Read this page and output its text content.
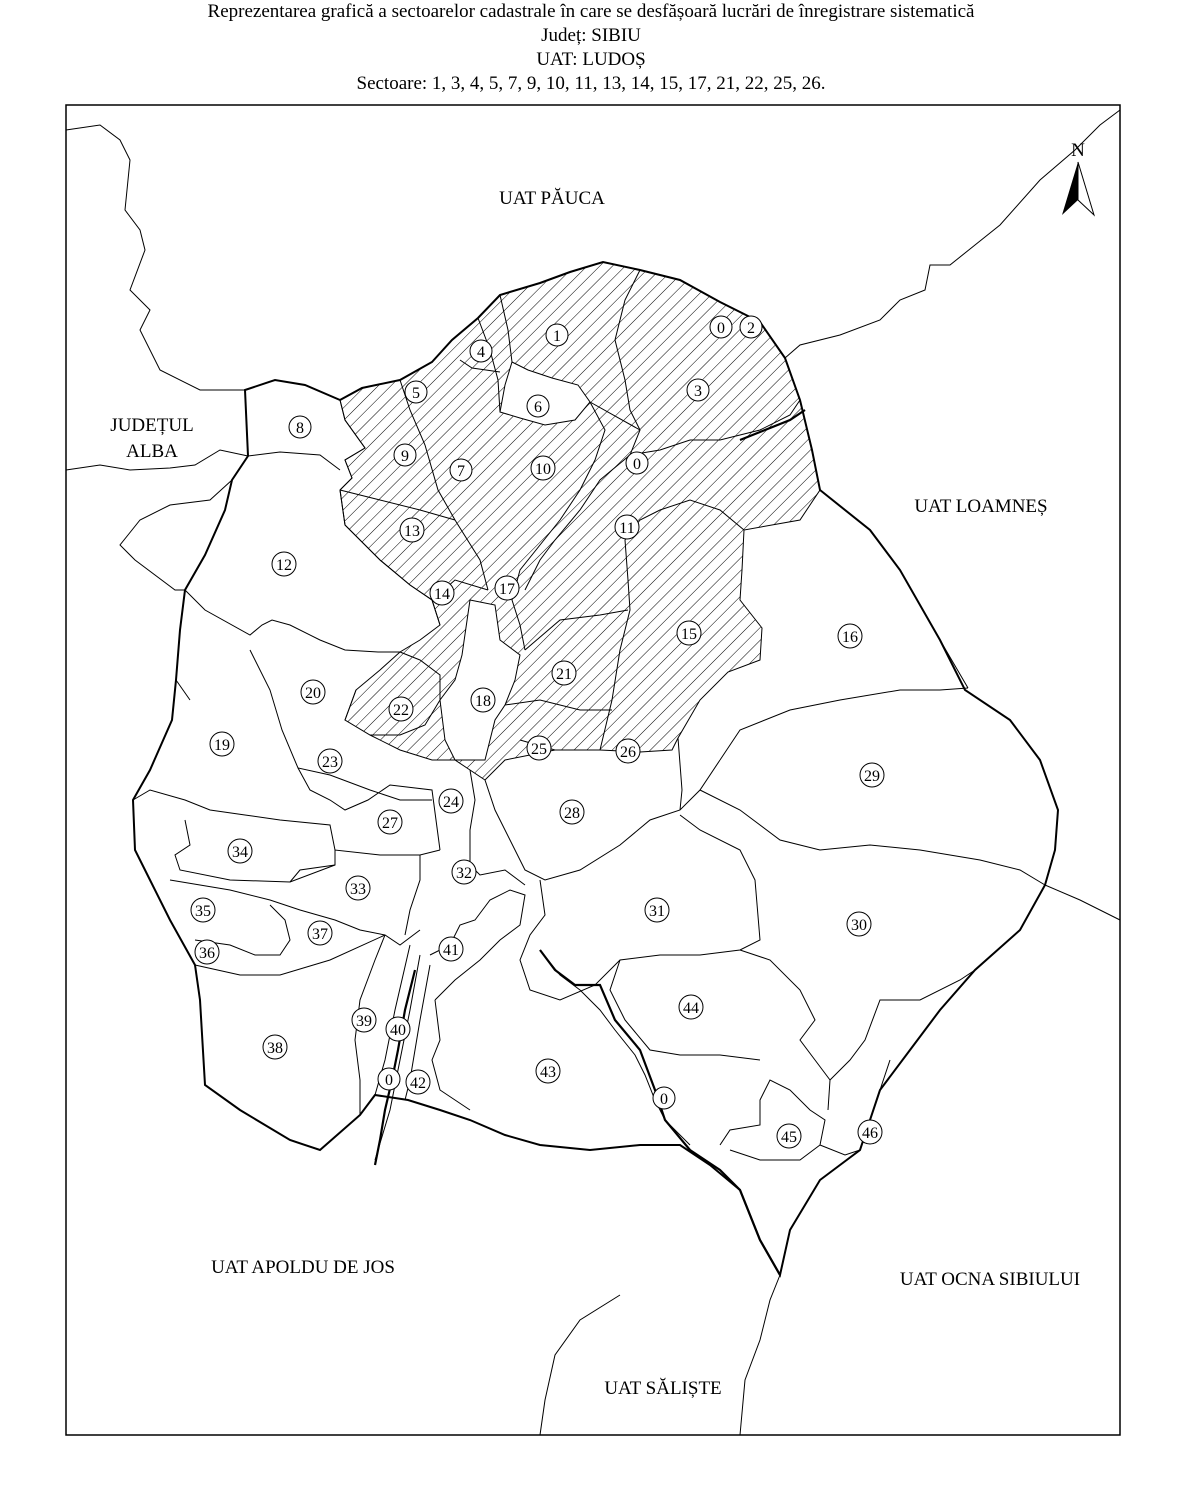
Reprezentarea grafică a sectoarelor cadastrale în care se desfășoară lucrări de înregistrare sistematică
Județ: SIBIU
UAT: LUDOȘ
Sectoare: 1, 3, 4, 5, 7, 9, 10, 11, 13, 14, 15, 17, 21, 22, 25, 26.
N
UAT PĂUCA
JUDEȚUL
ALBA
UAT LOAMNEȘ
UAT APOLDU DE JOS
UAT OCNA SIBIULUI
UAT SĂLIȘTE
1
4
0 2
3
5
6
8
9
7	10	0
11
13
12
17
14
15	16
20
21
22
18
19
23
25	26
29
24
27
28
34
32
33
31
35
30
37
36	41
44
39
40
38
43
0 42
0
46
45
